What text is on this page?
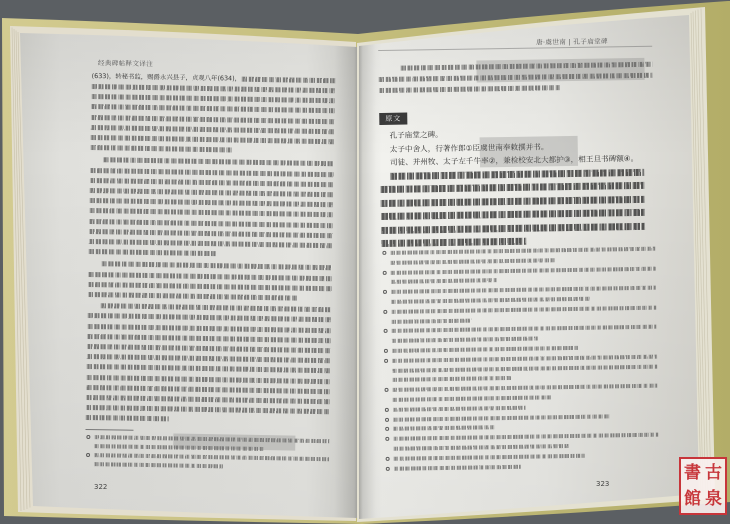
经典碑帖释文译注
(633)，转秘书监，赐爵永兴县子，贞观八年(634)，
唐·虞世南 | 孔子庙堂碑
原文
孔子庙堂之碑。
太子中舍人，行著作郎①臣虞世南奉敕撰并书。
司徒、并州牧、太子左千牛率②，兼检校安北大都护③，相王旦书碑额④。
322	323
書 古
館 泉
